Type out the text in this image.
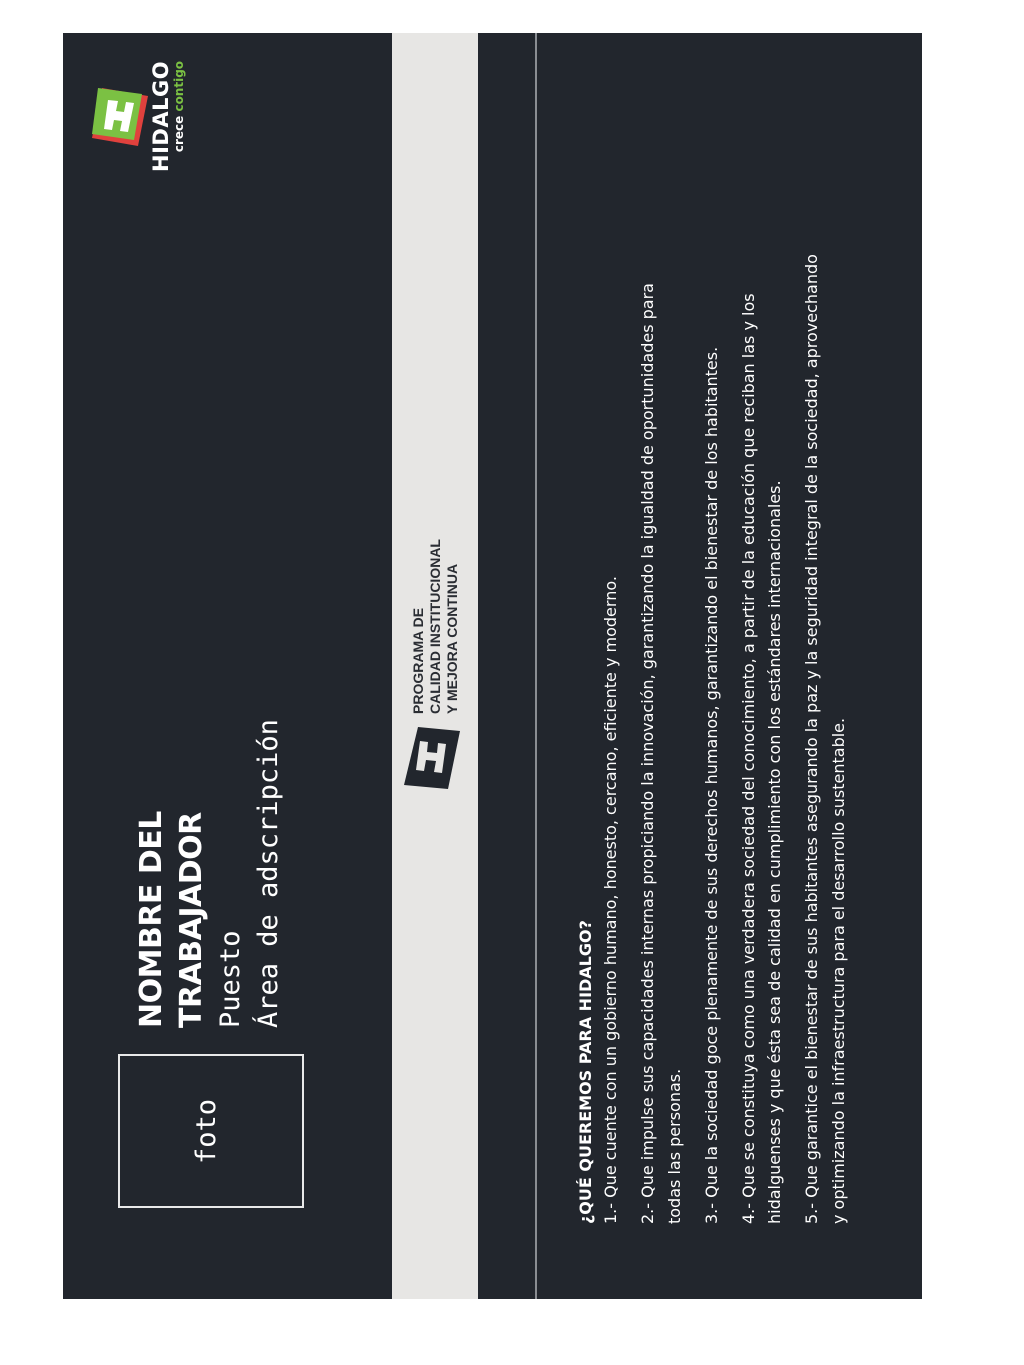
HIDALGO crece contigo
foto
NOMBRE DEL TRABAJADOR Puesto Área de adscripción
PROGRAMA DE CALIDAD INSTITUCIONAL Y MEJORA CONTINUA
¿QUÉ QUEREMOS PARA HIDALGO? 1.- Que cuente con un gobierno humano, honesto, cercano, eficiente y moderno. 2.- Que impulse sus capacidades internas propiciando la innovación, garantizando la igualdad de oportunidades para todas las personas. 3.- Que la sociedad goce plenamente de sus derechos humanos, garantizando el bienestar de los habitantes. 4.- Que se constituya como una verdadera sociedad del conocimiento, a partir de la educación que reciban las y los hidalguenses y que ésta sea de calidad en cumplimiento con los estándares internacionales. 5.- Que garantice el bienestar de sus habitantes asegurando la paz y la seguridad integral de la sociedad, aprovechando y optimizando la infraestructura para el desarrollo sustentable.
